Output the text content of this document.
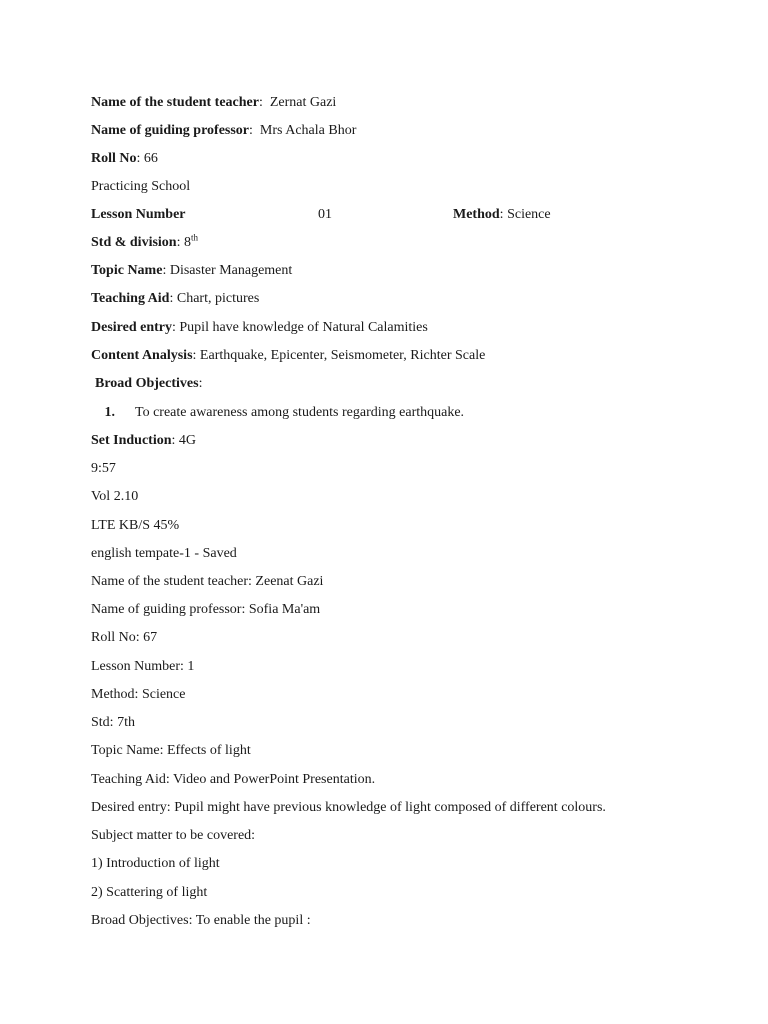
Name of the student teacher:  Zernat Gazi
Name of guiding professor:  Mrs Achala Bhor
Roll No: 66
Practicing School
Lesson Number	01	Method: Science
Std & division: 8th
Topic Name: Disaster Management
Teaching Aid: Chart, pictures
Desired entry: Pupil have knowledge of Natural Calamities
Content Analysis: Earthquake, Epicenter, Seismometer, Richter Scale
Broad Objectives:
1. To create awareness among students regarding earthquake.
Set Induction: 4G
9:57
Vol 2.10
LTE KB/S 45%
english tempate-1 - Saved
Name of the student teacher: Zeenat Gazi
Name of guiding professor: Sofia Ma'am
Roll No: 67
Lesson Number: 1
Method: Science
Std: 7th
Topic Name: Effects of light
Teaching Aid: Video and PowerPoint Presentation.
Desired entry: Pupil might have previous knowledge of light composed of different colours.
Subject matter to be covered:
1) Introduction of light
2) Scattering of light
Broad Objectives: To enable the pupil :
